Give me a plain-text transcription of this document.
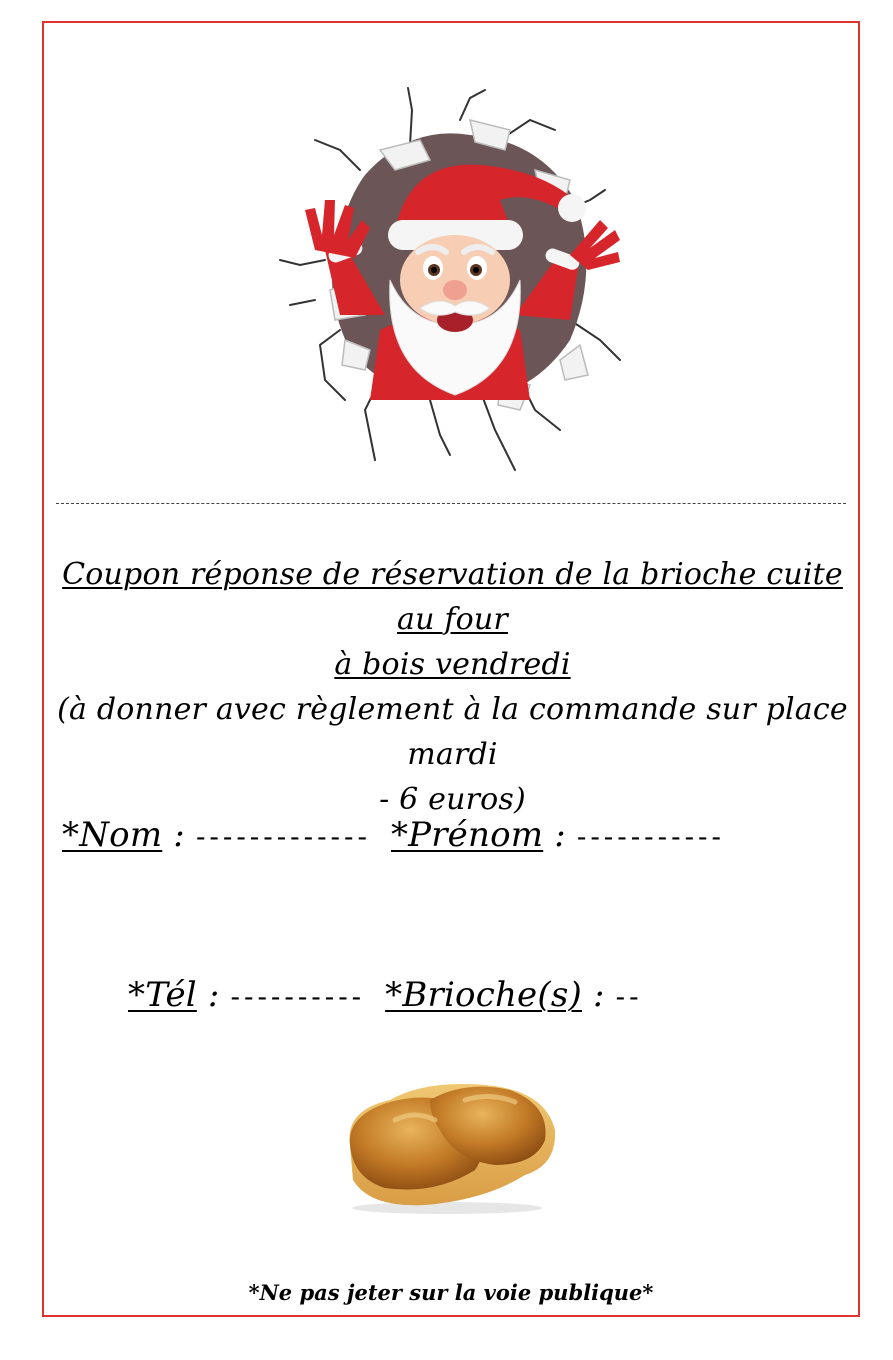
Coupon réponse de réservation de la brioche cuite au four
à bois vendredi
(à donner avec règlement à la commande sur place mardi
- 6 euros)
*Nom : ------------- *Prénom : -----------
*Tél : ---------- *Brioche(s) : --
*Ne pas jeter sur la voie publique*
